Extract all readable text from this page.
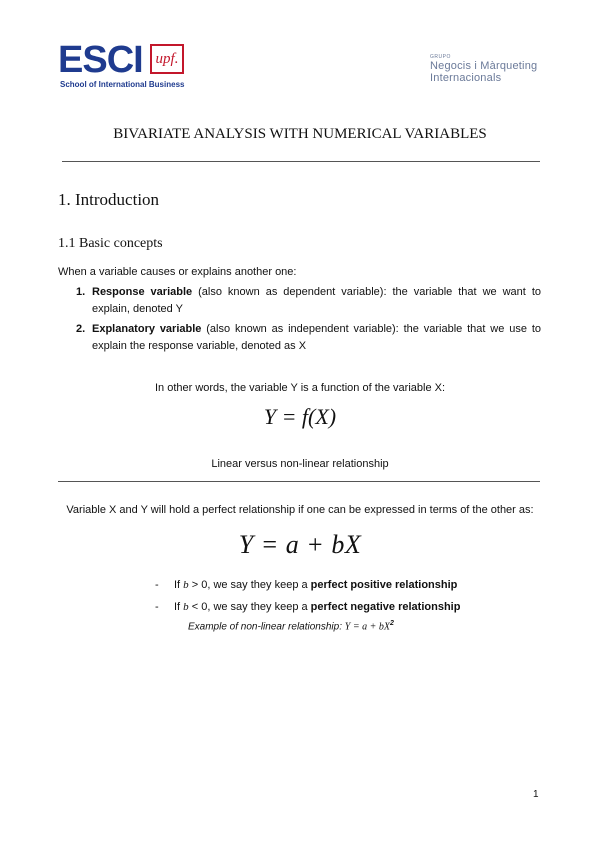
ESCI upf.
School of International Business
GRUPO
Negocis i Màrqueting
Internacionals
BIVARIATE ANALYSIS WITH NUMERICAL VARIABLES
1. Introduction
1.1 Basic concepts
When a variable causes or explains another one:
1. Response variable (also known as dependent variable): the variable that we want to explain, denoted Y
2. Explanatory variable (also known as independent variable): the variable that we use to explain the response variable, denoted as X
In other words, the variable Y is a function of the variable X:
Y = f(X)
Linear versus non-linear relationship
Variable X and Y will hold a perfect relationship if one can be expressed in terms of the other as:
Y = a + bX
- If b > 0, we say they keep a perfect positive relationship
- If b < 0, we say they keep a perfect negative relationship
Example of non-linear relationship: $Y = a + bX^2$
1
